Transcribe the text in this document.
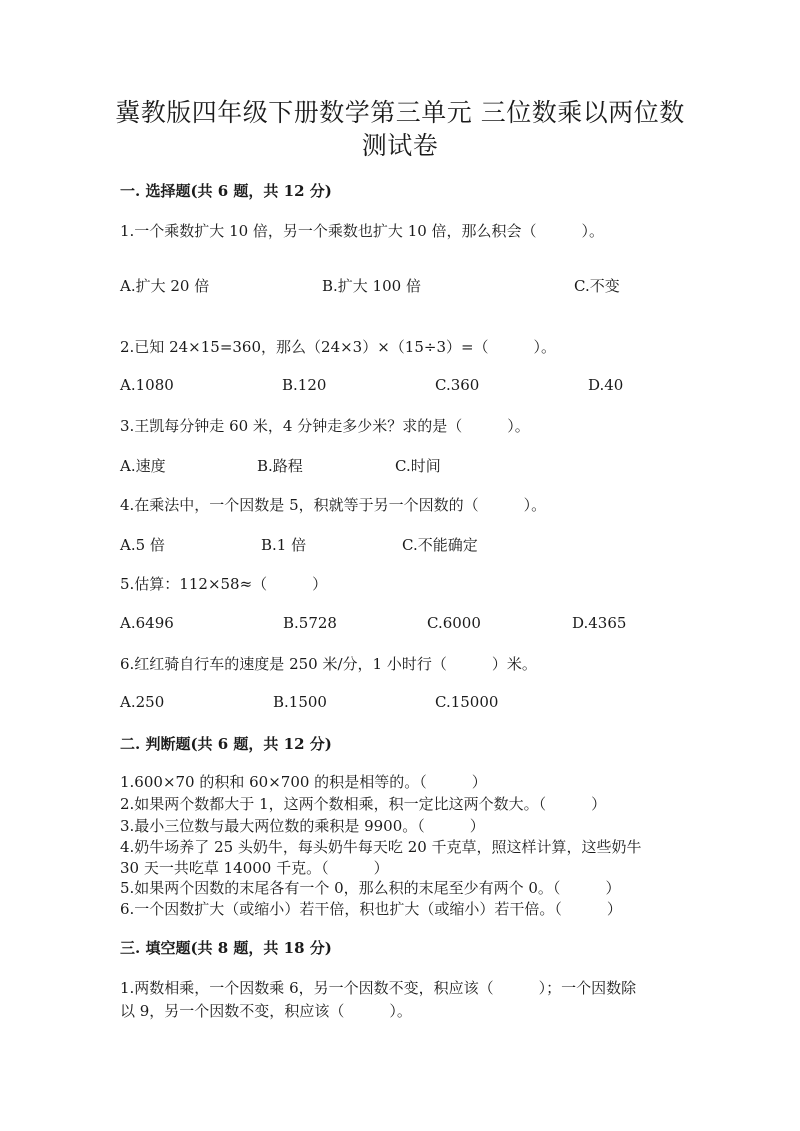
冀教版四年级下册数学第三单元 三位数乘以两位数
测试卷
一. 选择题(共 6 题，共 12 分)
1.一个乘数扩大 10 倍，另一个乘数也扩大 10 倍，那么积会（　　　）。
A.扩大 20 倍	B.扩大 100 倍	C.不变
2.已知 24×15=360，那么（24×3）×（15÷3）=（　　　）。
A.1080	B.120	C.360	D.40
3.王凯每分钟走 60 米，4 分钟走多少米？求的是（　　　）。
A.速度	B.路程	C.时间
4.在乘法中，一个因数是 5，积就等于另一个因数的（　　　）。
A.5 倍	B.1 倍	C.不能确定
5.估算：112×58≈（　　　）
A.6496	B.5728	C.6000	D.4365
6.红红骑自行车的速度是 250 米/分，1 小时行（　　　）米。
A.250	B.1500	C.15000
二. 判断题(共 6 题，共 12 分)
1.600×70 的积和 60×700 的积是相等的。（　　　）
2.如果两个数都大于 1，这两个数相乘，积一定比这两个数大。（　　　）
3.最小三位数与最大两位数的乘积是 9900。（　　　）
4.奶牛场养了 25 头奶牛，每头奶牛每天吃 20 千克草，照这样计算，这些奶牛
30 天一共吃草 14000 千克。（　　　）
5.如果两个因数的末尾各有一个 0，那么积的末尾至少有两个 0。（　　　）
6.一个因数扩大（或缩小）若干倍，积也扩大（或缩小）若干倍。（　　　）
三. 填空题(共 8 题，共 18 分)
1.两数相乘，一个因数乘 6，另一个因数不变，积应该（　　　）；一个因数除
以 9，另一个因数不变，积应该（　　　）。
